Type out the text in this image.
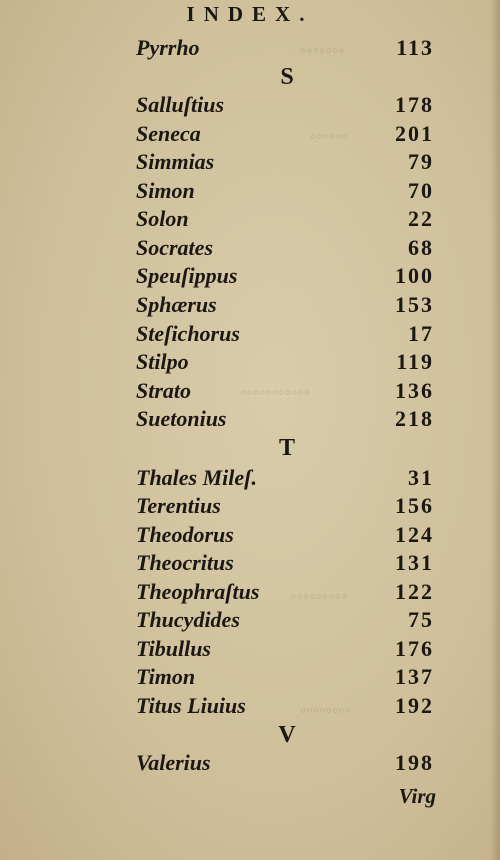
INDEX.
◦◦◦◦◦◦◦
◦◦◦◦◦◦
◦◦◦◦◦◦◦◦◦◦◦
◦◦◦◦◦◦◦◦◦
◦◦◦◦◦◦◦◦
Pyrrho	113
S
Salluſtius	178
Seneca	201
Simmias	79
Simon	70
Solon	22
Socrates	68
Speuſippus	100
Sphærus	153
Steſichorus	17
Stilpo	119
Strato	136
Suetonius	218
T
Thales Mileſ.	31
Terentius	156
Theodorus	124
Theocritus	131
Theophraſtus	122
Thucydides	75
Tibullus	176
Timon	137
Titus Liuius	192
V
Valerius	198
Virg
